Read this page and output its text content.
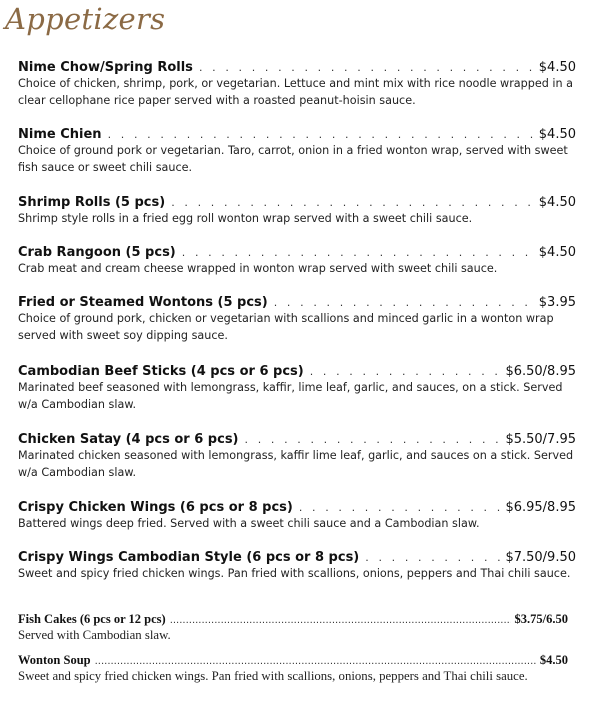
Appetizers
Nime Chow/Spring Rolls . . .	$4.50
Choice of chicken, shrimp, pork, or vegetarian. Lettuce and mint mix with rice noodle wrapped in a clear cellophane rice paper served with a roasted peanut-hoisin sauce.
Nime Chien . . .	$4.50
Choice of ground pork or vegetarian. Taro, carrot, onion in a fried wonton wrap, served with sweet fish sauce or sweet chili sauce.
Shrimp Rolls (5 pcs) . . .	$4.50
Shrimp style rolls in a fried egg roll wonton wrap served with a sweet chili sauce.
Crab Rangoon (5 pcs) . . .	$4.50
Crab meat and cream cheese wrapped in wonton wrap served with sweet chili sauce.
Fried or Steamed Wontons (5 pcs) . . .	$3.95
Choice of ground pork, chicken or vegetarian with scallions and minced garlic in a wonton wrap served with sweet soy dipping sauce.
Cambodian Beef Sticks (4 pcs or 6 pcs) . . .	$6.50/8.95
Marinated beef seasoned with lemongrass, kaffir, lime leaf, garlic, and sauces, on a stick. Served w/a Cambodian slaw.
Chicken Satay (4 pcs or 6 pcs) . . .	$5.50/7.95
Marinated chicken seasoned with lemongrass, kaffir lime leaf, garlic, and sauces on a stick. Served w/a Cambodian slaw.
Crispy Chicken Wings (6 pcs or 8 pcs) . . .	$6.95/8.95
Battered wings deep fried. Served with a sweet chili sauce and a Cambodian slaw.
Crispy Wings Cambodian Style (6 pcs or 8 pcs) . . .	$7.50/9.50
Sweet and spicy fried chicken wings. Pan fried with scallions, onions, peppers and Thai chili sauce.
Fish Cakes (6 pcs or 12 pcs) .....	$3.75/6.50
Served with Cambodian slaw.
Wonton Soup .....	$4.50
Sweet and spicy fried chicken wings. Pan fried with scallions, onions, peppers and Thai chili sauce.
